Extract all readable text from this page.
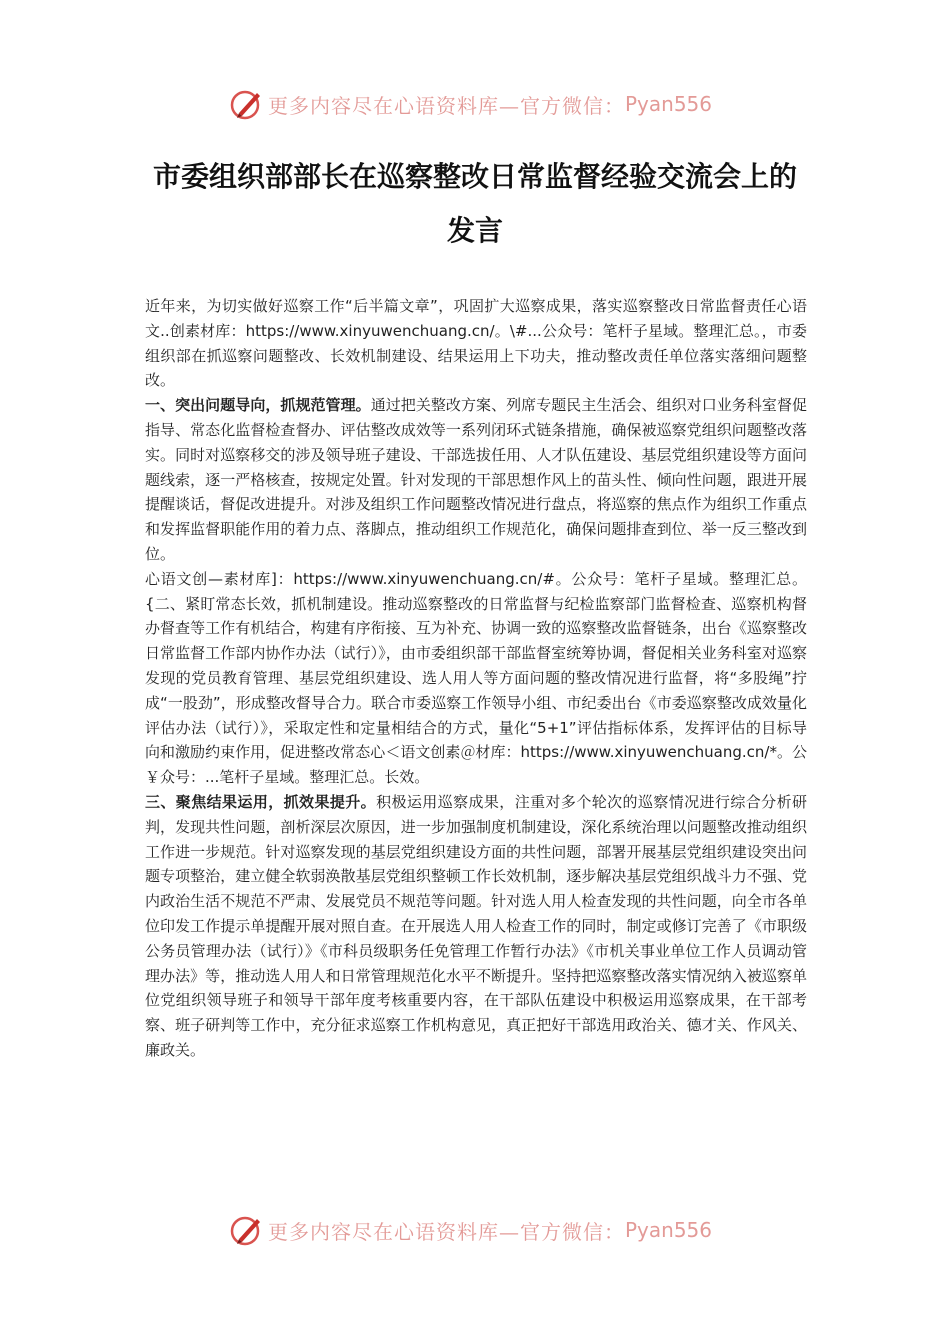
更多内容尽在心语资料库—官方微信： Pyan556
市委组织部部长在巡察整改日常监督经验交流会上的发言

近年来，为切实做好巡察工作“后半篇文章”，巩固扩大巡察成果，落实巡察整改日常监督责任心语文..创素材库：https://www.xinyuwenchuang.cn/。\#...公众号：笔杆子星域。整理汇总。，市委组织部在抓巡察问题整改、长效机制建设、结果运用上下功夫，推动整改责任单位落实落细问题整改。

一、突出问题导向，抓规范管理。通过把关整改方案、列席专题民主生活会、组织对口业务科室督促指导、常态化监督检查督办、评估整改成效等一系列闭环式链条措施，确保被巡察党组织问题整改落实。同时对巡察移交的涉及领导班子建设、干部选拔任用、人才队伍建设、基层党组织建设等方面问题线索，逐一严格核查，按规定处置。针对发现的干部思想作风上的苗头性、倾向性问题，跟进开展提醒谈话，督促改进提升。对涉及组织工作问题整改情况进行盘点，将巡察的焦点作为组织工作重点和发挥监督职能作用的着力点、落脚点，推动组织工作规范化，确保问题排查到位、举一反三整改到位。

心语文创—素材库]：https://www.xinyuwenchuang.cn/#。公众号：笔杆子星域。整理汇总。{二、紧盯常态长效，抓机制建设。推动巡察整改的日常监督与纪检监察部门监督检查、巡察机构督办督查等工作有机结合，构建有序衔接、互为补充、协调一致的巡察整改监督链条，出台《巡察整改日常监督工作部内协作办法（试行）》，由市委组织部干部监督室统筹协调，督促相关业务科室对巡察发现的党员教育管理、基层党组织建设、选人用人等方面问题的整改情况进行监督，将“多股绳”拧成“一股劲”，形成整改督导合力。联合市委巡察工作领导小组、市纪委出台《市委巡察整改成效量化评估办法（试行）》，采取定性和定量相结合的方式，量化“5+1”评估指标体系，发挥评估的目标导向和激励约束作用，促进整改常态心＜语文创素＠材库：https://www.xinyuwenchuang.cn/*。公￥众号：...笔杆子星域。整理汇总。长效。

三、聚焦结果运用，抓效果提升。积极运用巡察成果，注重对多个轮次的巡察情况进行综合分析研判，发现共性问题，剖析深层次原因，进一步加强制度机制建设，深化系统治理以问题整改推动组织工作进一步规范。针对巡察发现的基层党组织建设方面的共性问题，部署开展基层党组织建设突出问题专项整治，建立健全软弱涣散基层党组织整顿工作长效机制，逐步解决基层党组织战斗力不强、党内政治生活不规范不严肃、发展党员不规范等问题。针对选人用人检查发现的共性问题，向全市各单位印发工作提示单提醒开展对照自查。在开展选人用人检查工作的同时，制定或修订完善了《市职级公务员管理办法（试行）》《市科员级职务任免管理工作暂行办法》《市机关事业单位工作人员调动管理办法》等，推动选人用人和日常管理规范化水平不断提升。坚持把巡察整改落实情况纳入被巡察单位党组织领导班子和领导干部年度考核重要内容，在干部队伍建设中积极运用巡察成果，在干部考察、班子研判等工作中，充分征求巡察工作机构意见，真正把好干部选用政治关、德才关、作风关、廉政关。

更多内容尽在心语资料库—官方微信： Pyan556
